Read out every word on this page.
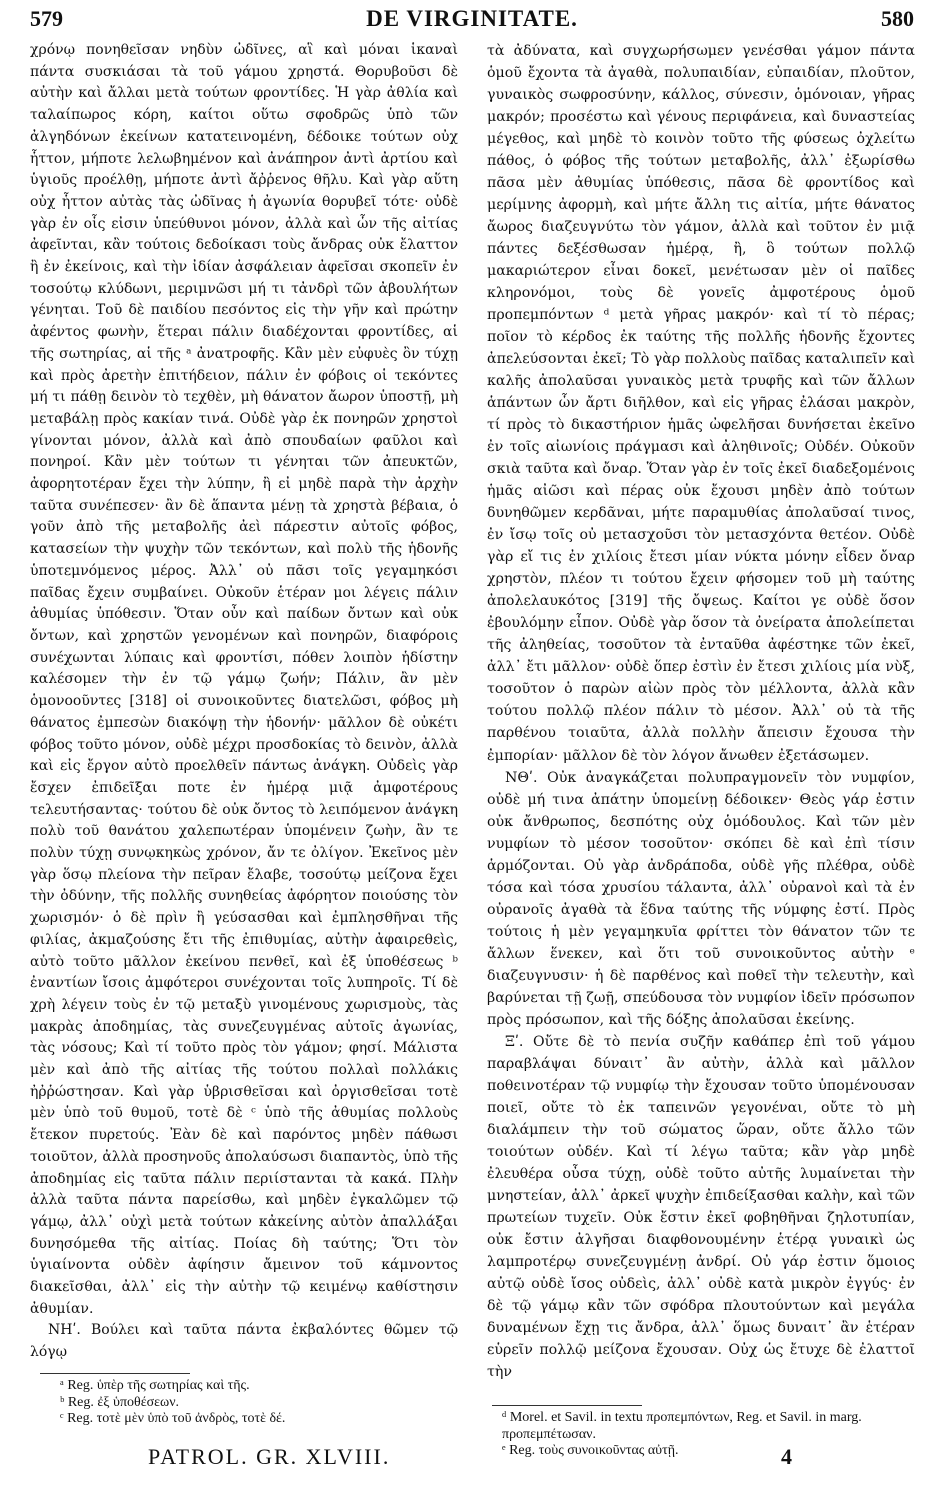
579	DE VIRGINITATE.	580

χρόνῳ πονηθεῖσαν νηδὺν ὠδῖνες, αἳ καὶ μόναι ἱκαναὶ πάντα συσκιάσαι τὰ τοῦ γάμου χρηστά. Θορυβοῦσι δὲ αὐτὴν καὶ ἄλλαι μετὰ τούτων φροντίδες. Ἡ γὰρ ἀθλία καὶ ταλαίπωρος κόρη, καίτοι οὕτω σφοδρῶς ὑπὸ τῶν ἀλγηδόνων ἐκείνων κατατεινομένη, δέδοικε τούτων οὐχ ἧττον, μήποτε λελωβημένον καὶ ἀνάπηρον ἀντὶ ἀρτίου καὶ ὑγιοῦς προέλθῃ, μήποτε ἀντὶ ἄῤῥενος θῆλυ. Καὶ γὰρ αὕτη οὐχ ἧττον αὐτὰς τὰς ὠδῖνας ἡ ἀγωνία θορυβεῖ τότε· οὐδὲ γὰρ ἐν οἷς εἰσιν ὑπεύθυνοι μόνον, ἀλλὰ καὶ ὧν τῆς αἰτίας ἀφεῖνται, κἂν τούτοις δεδοίκασι τοὺς ἄνδρας οὐκ ἔλαττον ἢ ἐν ἐκείνοις, καὶ τὴν ἰδίαν ἀσφάλειαν ἀφεῖσαι σκοπεῖν ἐν τοσούτῳ κλύδωνι, μεριμνῶσι μή τι τἀνδρὶ τῶν ἀβουλήτων γένηται. Τοῦ δὲ παιδίου πεσόντος εἰς τὴν γῆν καὶ πρώτην ἀφέντος φωνὴν, ἕτεραι πάλιν διαδέχονται φροντίδες, αἱ τῆς σωτηρίας, αἱ τῆς ᵃ ἀνατροφῆς. Κἂν μὲν εὐφυὲς ὂν τύχῃ καὶ πρὸς ἀρετὴν ἐπιτήδειον, πάλιν ἐν φόβοις οἱ τεκόντες μή τι πάθῃ δεινὸν τὸ τεχθὲν, μὴ θάνατον ἄωρον ὑποστῇ, μὴ μεταβάλῃ πρὸς κακίαν τινά. Οὐδὲ γὰρ ἐκ πονηρῶν χρηστοὶ γίνονται μόνον, ἀλλὰ καὶ ἀπὸ σπουδαίων φαῦλοι καὶ πονηροί. Κἂν μὲν τούτων τι γένηται τῶν ἀπευκτῶν, ἀφορητοτέραν ἔχει τὴν λύπην, ἢ εἰ μηδὲ παρὰ τὴν ἀρχὴν ταῦτα συνέπεσεν· ἂν δὲ ἅπαντα μένῃ τὰ χρηστὰ βέβαια, ὁ γοῦν ἀπὸ τῆς μεταβολῆς ἀεὶ πάρεστιν αὐτοῖς φόβος, κατασείων τὴν ψυχὴν τῶν τεκόντων, καὶ πολὺ τῆς ἡδονῆς ὑποτεμνόμενος μέρος. Ἀλλ᾽ οὐ πᾶσι τοῖς γεγαμηκόσι παῖδας ἔχειν συμβαίνει. Οὐκοῦν ἑτέραν μοι λέγεις πάλιν ἀθυμίας ὑπόθεσιν. Ὅταν οὖν καὶ παίδων ὄντων καὶ οὐκ ὄντων, καὶ χρηστῶν γενομένων καὶ πονηρῶν, διαφόροις συνέχωνται λύπαις καὶ φροντίσι, πόθεν λοιπὸν ἡδίστην καλέσομεν τὴν ἐν τῷ γάμῳ ζωήν; Πάλιν, ἂν μὲν ὁμονοοῦντες [318] οἱ συνοικοῦντες διατελῶσι, φόβος μὴ θάνατος ἐμπεσὼν διακόψῃ τὴν ἡδονήν· μᾶλλον δὲ οὐκέτι φόβος τοῦτο μόνον, οὐδὲ μέχρι προσδοκίας τὸ δεινὸν, ἀλλὰ καὶ εἰς ἔργον αὐτὸ προελθεῖν πάντως ἀνάγκη. Οὐδεὶς γὰρ ἔσχεν ἐπιδεῖξαι ποτε ἐν ἡμέρᾳ μιᾷ ἀμφοτέρους τελευτήσαντας· τούτου δὲ οὐκ ὄντος τὸ λειπόμενον ἀνάγκη πολὺ τοῦ θανάτου χαλεπωτέραν ὑπομένειν ζωὴν, ἂν τε πολὺν τύχῃ συνῳκηκὼς χρόνον, ἄν τε ὀλίγον. Ἐκεῖνος μὲν γὰρ ὅσῳ πλείονα τὴν πεῖραν ἔλαβε, τοσούτῳ μείζονα ἔχει τὴν ὀδύνην, τῆς πολλῆς συνηθείας ἀφόρητον ποιούσης τὸν χωρισμόν· ὁ δὲ πρὶν ἢ γεύσασθαι καὶ ἐμπλησθῆναι τῆς φιλίας, ἀκμαζούσης ἔτι τῆς ἐπιθυμίας, αὐτὴν ἀφαιρεθεὶς, αὐτὸ τοῦτο μᾶλλον ἐκείνου πενθεῖ, καὶ ἐξ ὑποθέσεως ᵇ ἐναντίων ἴσοις ἀμφότεροι συνέχονται τοῖς λυπηροῖς. Τί δὲ χρὴ λέγειν τοὺς ἐν τῷ μεταξὺ γινομένους χωρισμοὺς, τὰς μακρὰς ἀποδημίας, τὰς συνεζευγμένας αὐτοῖς ἀγωνίας, τὰς νόσους; Καὶ τί τοῦτο πρὸς τὸν γάμον; φησί. Μάλιστα μὲν καὶ ἀπὸ τῆς αἰτίας τῆς τούτου πολλαὶ πολλάκις ἠῤῥώστησαν. Καὶ γὰρ ὑβρισθεῖσαι καὶ ὀργισθεῖσαι τοτὲ μὲν ὑπὸ τοῦ θυμοῦ, τοτὲ δὲ ᶜ ὑπὸ τῆς ἀθυμίας πολλοὺς ἔτεκον πυρετούς. Ἐὰν δὲ καὶ παρόντος μηδὲν πάθωσι τοιοῦτον, ἀλλὰ προσηνοῦς ἀπολαύσωσι διαπαντὸς, ὑπὸ τῆς ἀποδημίας εἰς ταῦτα πάλιν περιίστανται τὰ κακά. Πλὴν ἀλλὰ ταῦτα πάντα παρείσθω, καὶ μηδὲν ἐγκαλῶμεν τῷ γάμῳ, ἀλλ᾽ οὐχὶ μετὰ τούτων κἀκείνης αὐτὸν ἀπαλλάξαι δυνησόμεθα τῆς αἰτίας. Ποίας δὴ ταύτης; Ὅτι τὸν ὑγιαίνοντα οὐδὲν ἀφίησιν ἄμεινον τοῦ κάμνοντος διακεῖσθαι, ἀλλ᾽ εἰς τὴν αὐτὴν τῷ κειμένῳ καθίστησιν ἀθυμίαν.

ΝΗʹ. Βούλει καὶ ταῦτα πάντα ἐκβαλόντες θῶμεν τῷ λόγῳ

τὰ ἀδύνατα, καὶ συγχωρήσωμεν γενέσθαι γάμον πάντα ὁμοῦ ἔχοντα τὰ ἀγαθὰ, πολυπαιδίαν, εὐπαιδίαν, πλοῦτον, γυναικὸς σωφροσύνην, κάλλος, σύνεσιν, ὁμόνοιαν, γῆρας μακρόν; προσέστω καὶ γένους περιφάνεια, καὶ δυναστείας μέγεθος, καὶ μηδὲ τὸ κοινὸν τοῦτο τῆς φύσεως ὀχλείτω πάθος, ὁ φόβος τῆς τούτων μεταβολῆς, ἀλλ᾽ ἐξωρίσθω πᾶσα μὲν ἀθυμίας ὑπόθεσις, πᾶσα δὲ φροντίδος καὶ μερίμνης ἀφορμὴ, καὶ μήτε ἄλλη τις αἰτία, μήτε θάνατος ἄωρος διαζευγνύτω τὸν γάμον, ἀλλὰ καὶ τοῦτον ἐν μιᾷ πάντες δεξέσθωσαν ἡμέρᾳ, ἢ, ὃ τούτων πολλῷ μακαριώτερον εἶναι δοκεῖ, μενέτωσαν μὲν οἱ παῖδες κληρονόμοι, τοὺς δὲ γονεῖς ἀμφοτέρους ὁμοῦ προπεμπόντων ᵈ μετὰ γῆρας μακρόν· καὶ τί τὸ πέρας; ποῖον τὸ κέρδος ἐκ ταύτης τῆς πολλῆς ἡδονῆς ἔχοντες ἀπελεύσονται ἐκεῖ; Τὸ γὰρ πολλοὺς παῖδας καταλιπεῖν καὶ καλῆς ἀπολαῦσαι γυναικὸς μετὰ τρυφῆς καὶ τῶν ἄλλων ἁπάντων ὧν ἄρτι διῆλθον, καὶ εἰς γῆρας ἐλάσαι μακρὸν, τί πρὸς τὸ δικαστήριον ἡμᾶς ὠφελῆσαι δυνήσεται ἐκεῖνο ἐν τοῖς αἰωνίοις πράγμασι καὶ ἀληθινοῖς; Οὐδέν. Οὐκοῦν σκιὰ ταῦτα καὶ ὄναρ. Ὅταν γὰρ ἐν τοῖς ἐκεῖ διαδεξομένοις ἡμᾶς αἰῶσι καὶ πέρας οὐκ ἔχουσι μηδὲν ἀπὸ τούτων δυνηθῶμεν κερδᾶναι, μήτε παραμυθίας ἀπολαῦσαί τινος, ἐν ἴσῳ τοῖς οὐ μετασχοῦσι τὸν μετασχόντα θετέον. Οὐδὲ γὰρ εἴ τις ἐν χιλίοις ἔτεσι μίαν νύκτα μόνην εἶδεν ὄναρ χρηστὸν, πλέον τι τούτου ἔχειν φήσομεν τοῦ μὴ ταύτης ἀπολελαυκότος [319] τῆς ὄψεως. Καίτοι γε οὐδὲ ὅσον ἐβουλόμην εἶπον. Οὐδὲ γὰρ ὅσον τὰ ὀνείρατα ἀπολείπεται τῆς ἀληθείας, τοσοῦτον τὰ ἐνταῦθα ἀφέστηκε τῶν ἐκεῖ, ἀλλ᾽ ἔτι μᾶλλον· οὐδὲ ὅπερ ἐστὶν ἐν ἔτεσι χιλίοις μία νὺξ, τοσοῦτον ὁ παρὼν αἰὼν πρὸς τὸν μέλλοντα, ἀλλὰ κἂν τούτου πολλῷ πλέον πάλιν τὸ μέσον. Ἀλλ᾽ οὐ τὰ τῆς παρθένου τοιαῦτα, ἀλλὰ πολλὴν ἄπεισιν ἔχουσα τὴν ἐμπορίαν· μᾶλλον δὲ τὸν λόγον ἄνωθεν ἐξετάσωμεν.

ΝΘʹ. Οὐκ ἀναγκάζεται πολυπραγμονεῖν τὸν νυμφίον, οὐδὲ μή τινα ἀπάτην ὑπομείνῃ δέδοικεν· Θεὸς γάρ ἐστιν οὐκ ἄνθρωπος, δεσπότης οὐχ ὁμόδουλος. Καὶ τῶν μὲν νυμφίων τὸ μέσον τοσοῦτον· σκόπει δὲ καὶ ἐπὶ τίσιν ἁρμόζονται. Οὐ γὰρ ἀνδράποδα, οὐδὲ γῆς πλέθρα, οὐδὲ τόσα καὶ τόσα χρυσίου τάλαντα, ἀλλ᾽ οὐρανοὶ καὶ τὰ ἐν οὐρανοῖς ἀγαθὰ τὰ ἕδνα ταύτης τῆς νύμφης ἐστί. Πρὸς τούτοις ἡ μὲν γεγαμηκυῖα φρίττει τὸν θάνατον τῶν τε ἄλλων ἕνεκεν, καὶ ὅτι τοῦ συνοικοῦντος αὐτὴν ᵉ διαζευγνυσιν· ἡ δὲ παρθένος καὶ ποθεῖ τὴν τελευτὴν, καὶ βαρύνεται τῇ ζωῇ, σπεύδουσα τὸν νυμφίον ἰδεῖν πρόσωπον πρὸς πρόσωπον, καὶ τῆς δόξης ἀπολαῦσαι ἐκείνης.

Ξʹ. Οὔτε δὲ τὸ πενία συζῆν καθάπερ ἐπὶ τοῦ γάμου παραβλάψαι δύναιτ᾽ ἂν αὐτὴν, ἀλλὰ καὶ μᾶλλον ποθεινοτέραν τῷ νυμφίῳ τὴν ἔχουσαν τοῦτο ὑπομένουσαν ποιεῖ, οὔτε τὸ ἐκ ταπεινῶν γεγονέναι, οὔτε τὸ μὴ διαλάμπειν τὴν τοῦ σώματος ὥραν, οὔτε ἄλλο τῶν τοιούτων οὐδέν. Καὶ τί λέγω ταῦτα; κἂν γὰρ μηδὲ ἐλευθέρα οὖσα τύχῃ, οὐδὲ τοῦτο αὐτῆς λυμαίνεται τὴν μνηστείαν, ἀλλ᾽ ἀρκεῖ ψυχὴν ἐπιδείξασθαι καλὴν, καὶ τῶν πρωτείων τυχεῖν. Οὐκ ἔστιν ἐκεῖ φοβηθῆναι ζηλοτυπίαν, οὐκ ἔστιν ἀλγῆσαι διαφθονουμένην ἑτέρᾳ γυναικὶ ὡς λαμπροτέρῳ συνεζευγμένῃ ἀνδρί. Οὐ γάρ ἐστιν ὅμοιος αὐτῷ οὐδὲ ἴσος οὐδεὶς, ἀλλ᾽ οὐδὲ κατὰ μικρὸν ἐγγύς· ἐν δὲ τῷ γάμῳ κἂν τῶν σφόδρα πλουτούντων καὶ μεγάλα δυναμένων ἔχῃ τις ἄνδρα, ἀλλ᾽ ὅμως δυναιτ᾽ ἂν ἑτέραν εὑρεῖν πολλῷ μείζονα ἔχουσαν. Οὐχ ὡς ἔτυχε δὲ ἐλαττοῖ τὴν

ᵃ Reg. ὑπὲρ τῆς σωτηρίας καὶ τῆς.
ᵇ Reg. ἐξ ὑποθέσεων.
ᶜ Reg. τοτὲ μὲν ὑπὸ τοῦ ἀνδρὸς, τοτὲ δέ.	ᵈ Morel. et Savil. in textu προπεμπόντων, Reg. et Savil. in marg. προπεμπέτωσαν.
ᵉ Reg. τοὺς συνοικοῦντας αὐτῇ.
PATROL. GR. XLVIII.	4
